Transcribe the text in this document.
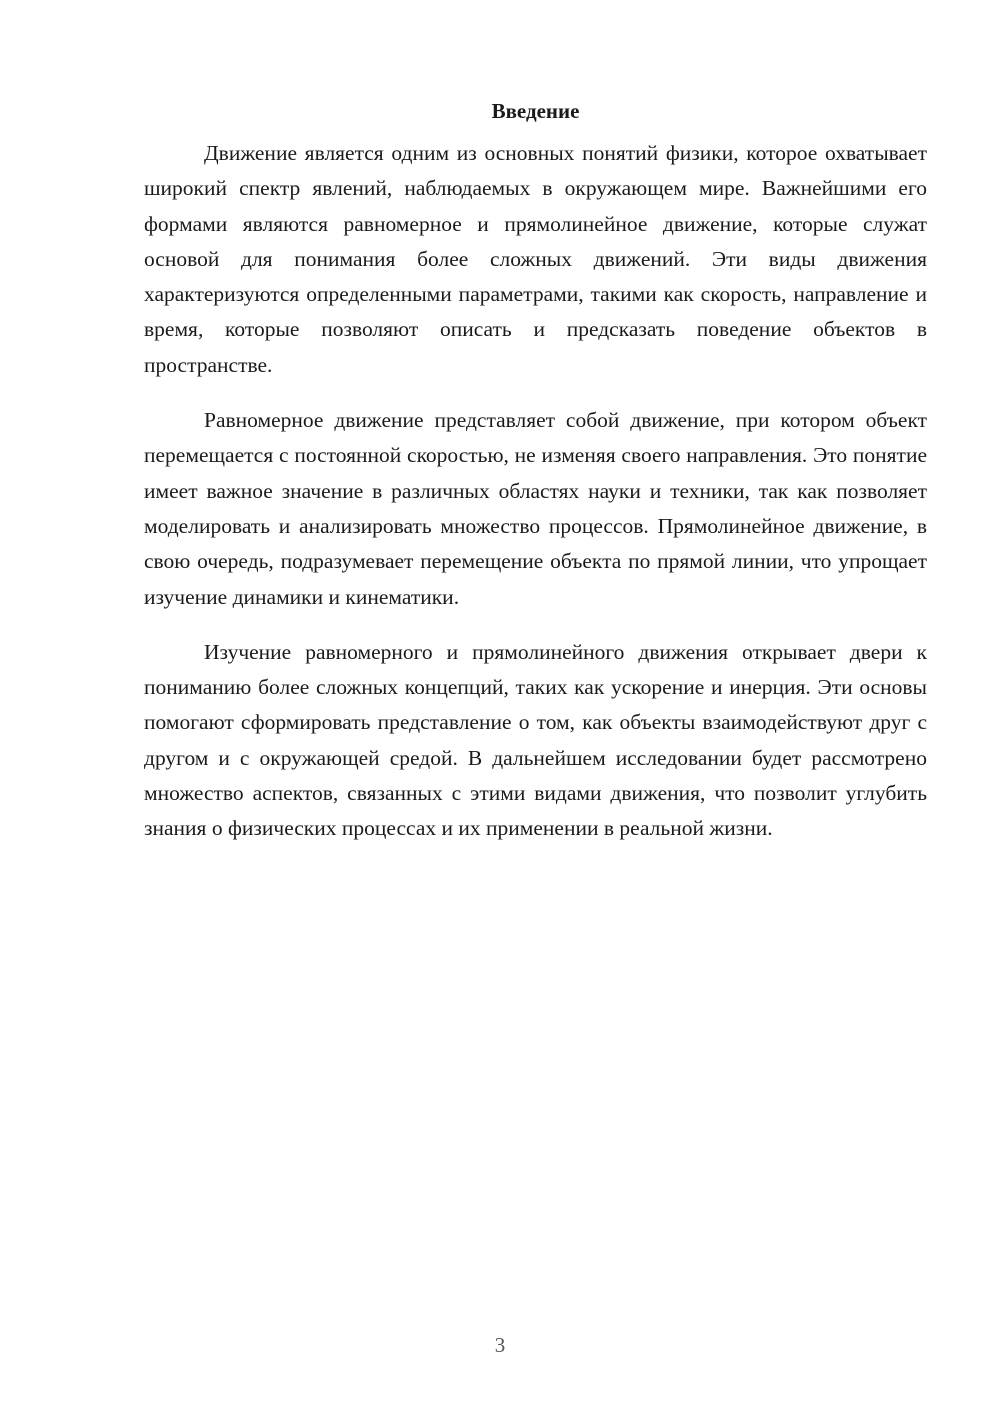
Введение

Движение является одним из основных понятий физики, которое охватывает широкий спектр явлений, наблюдаемых в окружающем мире. Важнейшими его формами являются равномерное и прямолинейное движение, которые служат основой для понимания более сложных движений. Эти виды движения характеризуются определенными параметрами, такими как скорость, направление и время, которые позволяют описать и предсказать поведение объектов в пространстве.

Равномерное движение представляет собой движение, при котором объект перемещается с постоянной скоростью, не изменяя своего направления. Это понятие имеет важное значение в различных областях науки и техники, так как позволяет моделировать и анализировать множество процессов. Прямолинейное движение, в свою очередь, подразумевает перемещение объекта по прямой линии, что упрощает изучение динамики и кинематики.

Изучение равномерного и прямолинейного движения открывает двери к пониманию более сложных концепций, таких как ускорение и инерция. Эти основы помогают сформировать представление о том, как объекты взаимодействуют друг с другом и с окружающей средой. В дальнейшем исследовании будет рассмотрено множество аспектов, связанных с этими видами движения, что позволит углубить знания о физических процессах и их применении в реальной жизни.

3
